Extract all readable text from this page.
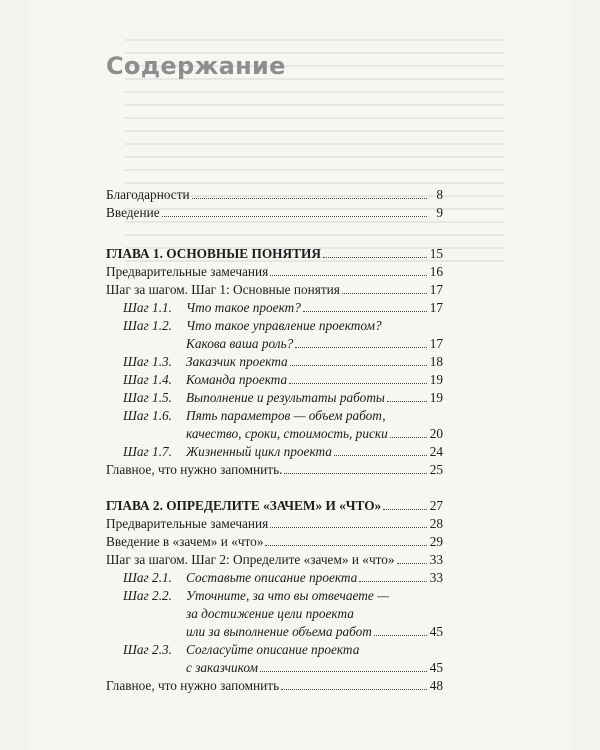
Содержание
Благодарности	8
Введение	9
ГЛАВА 1. ОСНОВНЫЕ ПОНЯТИЯ	15
Предварительные замечания	16
Шаг за шагом. Шаг 1: Основные понятия	17
Шаг 1.1.	Что такое проект?	17
Шаг 1.2.	Что такое управление проектом?
Какова ваша роль?	17
Шаг 1.3.	Заказчик проекта	18
Шаг 1.4.	Команда проекта	19
Шаг 1.5.	Выполнение и результаты работы	19
Шаг 1.6.	Пять параметров — объем работ,
качество, сроки, стоимость, риски	20
Шаг 1.7.	Жизненный цикл проекта	24
Главное, что нужно запомнить.	25
ГЛАВА 2. ОПРЕДЕЛИТЕ «ЗАЧЕМ» И «ЧТО»	27
Предварительные замечания	28
Введение в «зачем» и «что»	29
Шаг за шагом. Шаг 2: Определите «зачем» и «что»	33
Шаг 2.1.	Составьте описание проекта	33
Шаг 2.2.	Уточните, за что вы отвечаете —
за достижение цели проекта
или за выполнение объема работ	45
Шаг 2.3.	Согласуйте описание проекта
с заказчиком	45
Главное, что нужно запомнить	48
